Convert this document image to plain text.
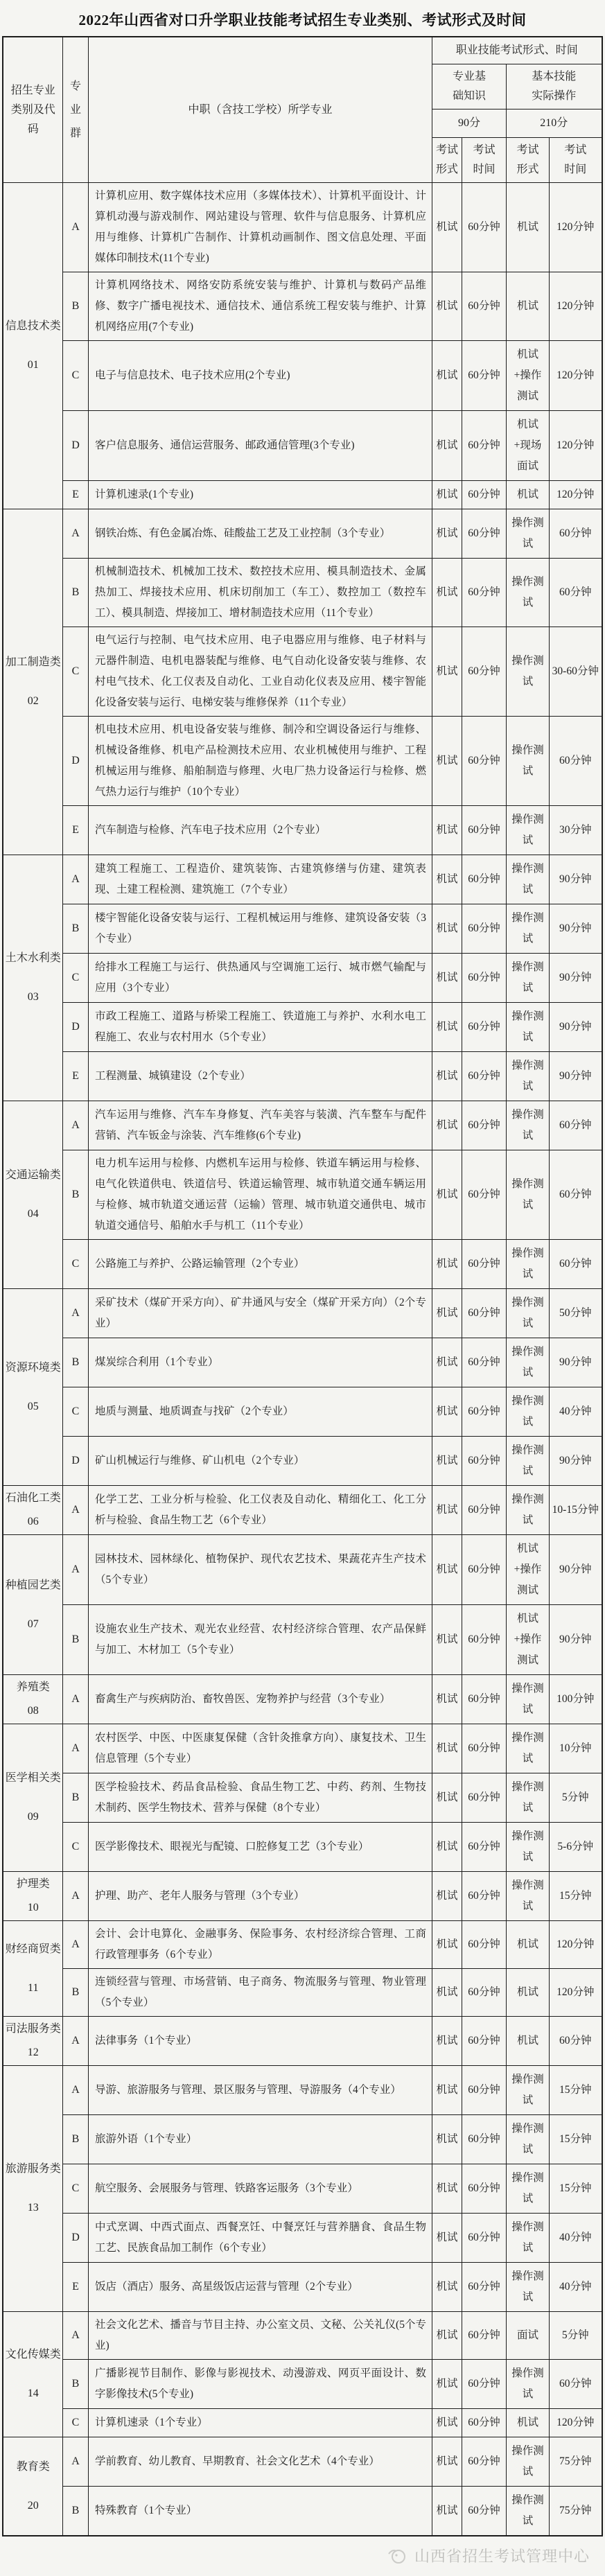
2022年山西省对口升学职业技能考试招生专业类别、考试形式及时间
招生专业类别及代码	专业群	中职（含技工学校）所学专业	职业技能考试形式、时间			
			专业基础知识		基本技能实际操作	
			90分		210分	
			考试形式	考试时间	考试形式	考试时间

信息技术类
01	A	计算机应用、数字媒体技术应用（多媒体技术）、计算机平面设计、计算机动漫与游戏制作、网站建设与管理、软件与信息服务、计算机应用与维修、计算机广告制作、计算机动画制作、图文信息处理、平面媒体印制技术(11个专业)	机试	60分钟	机试	120分钟
	B	计算机网络技术、网络安防系统安装与维护、计算机与数码产品维修、数字广播电视技术、通信技术、通信系统工程安装与维护、计算机网络应用(7个专业)	机试	60分钟	机试	120分钟
	C	电子与信息技术、电子技术应用(2个专业)	机试	60分钟	机试+操作测试	120分钟
	D	客户信息服务、通信运营服务、邮政通信管理(3个专业)	机试	60分钟	机试+现场面试	120分钟
	E	计算机速录(1个专业)	机试	60分钟	机试	120分钟

加工制造类
02	A	钢铁冶炼、有色金属冶炼、硅酸盐工艺及工业控制（3个专业）	机试	60分钟	操作测试	60分钟
	B	机械制造技术、机械加工技术、数控技术应用、模具制造技术、金属热加工、焊接技术应用、机床切削加工（车工）、数控加工（数控车工）、模具制造、焊接加工、增材制造技术应用（11个专业）	机试	60分钟	操作测试	60分钟
	C	电气运行与控制、电气技术应用、电子电器应用与维修、电子材料与元器件制造、电机电器装配与维修、电气自动化设备安装与维修、农村电气技术、化工仪表及自动化、工业自动化仪表及应用、楼宇智能化设备安装与运行、电梯安装与维修保养（11个专业）	机试	60分钟	操作测试	30-60分钟
	D	机电技术应用、机电设备安装与维修、制冷和空调设备运行与维修、机械设备维修、机电产品检测技术应用、农业机械使用与维护、工程机械运用与维修、船舶制造与修理、火电厂热力设备运行与检修、燃气热力运行与维护（10个专业）	机试	60分钟	操作测试	60分钟
	E	汽车制造与检修、汽车电子技术应用（2个专业）	机试	60分钟	操作测试	30分钟

土木水利类
03	A	建筑工程施工、工程造价、建筑装饰、古建筑修缮与仿建、建筑表现、土建工程检测、建筑施工（7个专业）	机试	60分钟	操作测试	90分钟
	B	楼宇智能化设备安装与运行、工程机械运用与维修、建筑设备安装（3个专业）	机试	60分钟	操作测试	90分钟
	C	给排水工程施工与运行、供热通风与空调施工运行、城市燃气输配与应用（3个专业）	机试	60分钟	操作测试	90分钟
	D	市政工程施工、道路与桥梁工程施工、铁道施工与养护、水利水电工程施工、农业与农村用水（5个专业）	机试	60分钟	操作测试	90分钟
	E	工程测量、城镇建设（2个专业）	机试	60分钟	操作测试	90分钟

交通运输类
04	A	汽车运用与维修、汽车车身修复、汽车美容与装潢、汽车整车与配件营销、汽车钣金与涂装、汽车维修(6个专业)	机试	60分钟	操作测试	60分钟
	B	电力机车运用与检修、内燃机车运用与检修、铁道车辆运用与检修、电气化铁道供电、铁道信号、铁道运输管理、城市轨道交通车辆运用与检修、城市轨道交通运营（运输）管理、城市轨道交通供电、城市轨道交通信号、船舶水手与机工（11个专业）	机试	60分钟	操作测试	60分钟
	C	公路施工与养护、公路运输管理（2个专业）	机试	60分钟	操作测试	60分钟

资源环境类
05	A	采矿技术（煤矿开采方向）、矿井通风与安全（煤矿开采方向）（2个专业）	机试	60分钟	操作测试	50分钟
	B	煤炭综合利用（1个专业）	机试	60分钟	操作测试	90分钟
	C	地质与测量、地质调查与找矿（2个专业）	机试	60分钟	操作测试	40分钟
	D	矿山机械运行与维修、矿山机电（2个专业）	机试	60分钟	操作测试	90分钟

石油化工类
06	A	化学工艺、工业分析与检验、化工仪表及自动化、精细化工、化工分析与检验、食品生物工艺（6个专业）	机试	60分钟	操作测试	10-15分钟

种植园艺类
07	A	园林技术、园林绿化、植物保护、现代农艺技术、果蔬花卉生产技术（5个专业）	机试	60分钟	机试+操作测试	90分钟
	B	设施农业生产技术、观光农业经营、农村经济综合管理、农产品保鲜与加工、木材加工（5个专业）	机试	60分钟	机试+操作测试	90分钟

养殖类
08	A	畜禽生产与疾病防治、畜牧兽医、宠物养护与经营（3个专业）	机试	60分钟	操作测试	100分钟

医学相关类
09	A	农村医学、中医、中医康复保健（含针灸推拿方向）、康复技术、卫生信息管理（5个专业）	机试	60分钟	操作测试	10分钟
	B	医学检验技术、药品食品检验、食品生物工艺、中药、药剂、生物技术制药、医学生物技术、营养与保健（8个专业）	机试	60分钟	操作测试	5分钟
	C	医学影像技术、眼视光与配镜、口腔修复工艺（3个专业）	机试	60分钟	操作测试	5-6分钟

护理类
10	A	护理、助产、老年人服务与管理（3个专业）	机试	60分钟	操作测试	15分钟

财经商贸类
11	A	会计、会计电算化、金融事务、保险事务、农村经济综合管理、工商行政管理事务（6个专业）	机试	60分钟	机试	120分钟
	B	连锁经营与管理、市场营销、电子商务、物流服务与管理、物业管理（5个专业）	机试	60分钟	机试	120分钟

司法服务类
12	A	法律事务（1个专业）	机试	60分钟	机试	60分钟

旅游服务类
13	A	导游、旅游服务与管理、景区服务与管理、导游服务（4个专业）	机试	60分钟	操作测试	15分钟
	B	旅游外语（1个专业）	机试	60分钟	操作测试	15分钟
	C	航空服务、会展服务与管理、铁路客运服务（3个专业）	机试	60分钟	操作测试	15分钟
	D	中式烹调、中西式面点、西餐烹饪、中餐烹饪与营养膳食、食品生物工艺、民族食品加工制作（6个专业）	机试	60分钟	操作测试	40分钟
	E	饭店（酒店）服务、高星级饭店运营与管理（2个专业）	机试	60分钟	操作测试	40分钟

文化传媒类
14	A	社会文化艺术、播音与节目主持、办公室文员、文秘、公关礼仪(5个专业)	机试	60分钟	面试	5分钟
	B	广播影视节目制作、影像与影视技术、动漫游戏、网页平面设计、数字影像技术(5个专业)	机试	60分钟	操作测试	60分钟
	C	计算机速录（1个专业）	机试	60分钟	机试	120分钟

教育类
20	A	学前教育、幼儿教育、早期教育、社会文化艺术（4个专业）	机试	60分钟	操作测试	75分钟
	B	特殊教育（1个专业）	机试	60分钟	操作测试	75分钟
山西省招生考试管理中心
